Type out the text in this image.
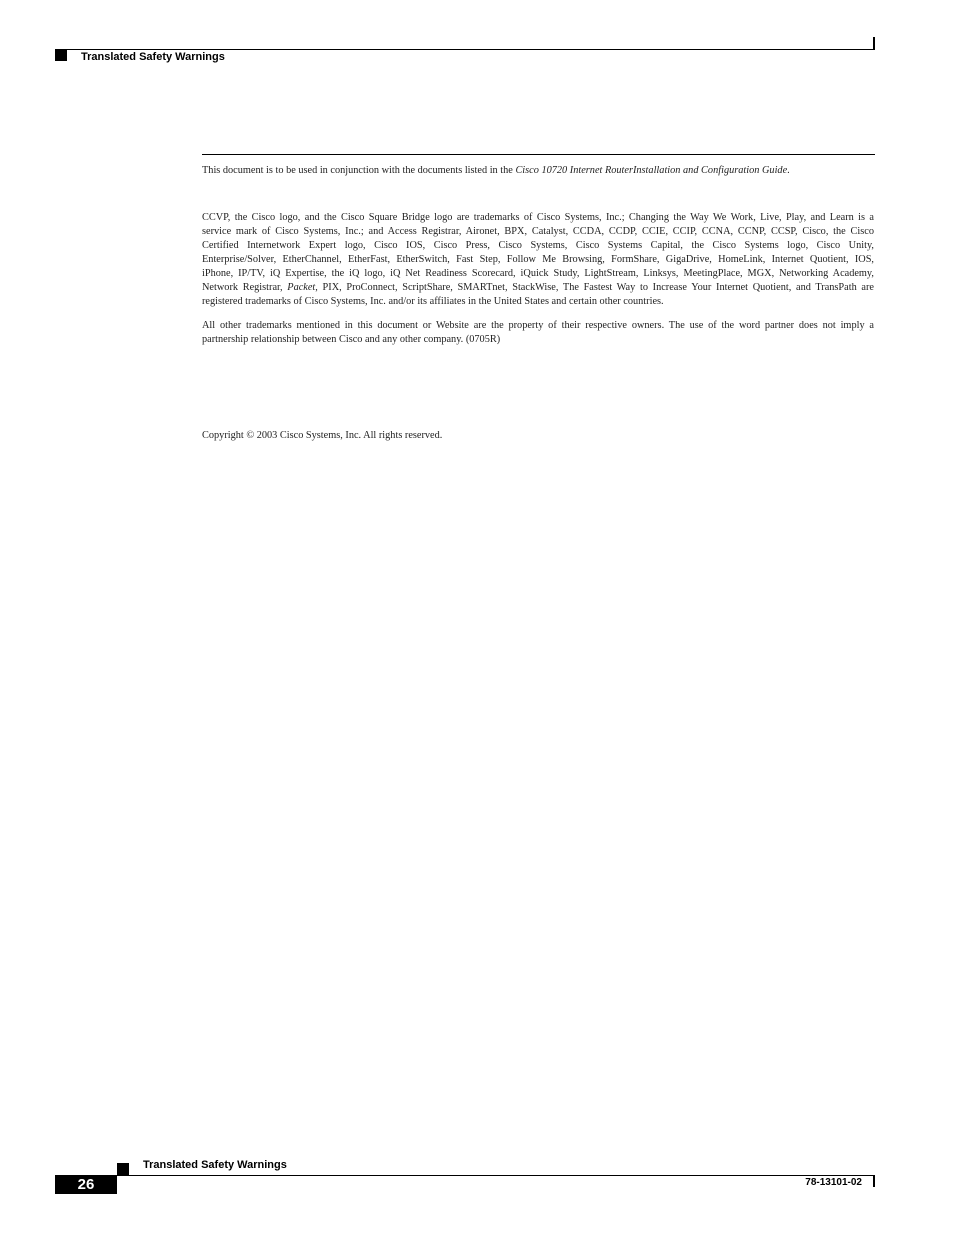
Translated Safety Warnings
This document is to be used in conjunction with the documents listed in the Cisco 10720 Internet RouterInstallation and Configuration Guide.

CCVP, the Cisco logo, and the Cisco Square Bridge logo are trademarks of Cisco Systems, Inc.; Changing the Way We Work, Live, Play, and Learn is a
service mark of Cisco Systems, Inc.; and Access Registrar, Aironet, BPX, Catalyst, CCDA, CCDP, CCIE, CCIP, CCNA, CCNP, CCSP, Cisco, the Cisco
Certified Internetwork Expert logo, Cisco IOS, Cisco Press, Cisco Systems, Cisco Systems Capital, the Cisco Systems logo, Cisco Unity,
Enterprise/Solver, EtherChannel, EtherFast, EtherSwitch, Fast Step, Follow Me Browsing, FormShare, GigaDrive, HomeLink, Internet Quotient, IOS,
iPhone, IP/TV, iQ Expertise, the iQ logo, iQ Net Readiness Scorecard, iQuick Study, LightStream, Linksys, MeetingPlace, MGX, Networking Academy,
Network Registrar, Packet, PIX, ProConnect, ScriptShare, SMARTnet, StackWise, The Fastest Way to Increase Your Internet Quotient, and TransPath are
registered trademarks of Cisco Systems, Inc. and/or its affiliates in the United States and certain other countries.

All other trademarks mentioned in this document or Website are the property of their respective owners. The use of the word partner does not imply a
partnership relationship between Cisco and any other company. (0705R)

Copyright © 2003 Cisco Systems, Inc. All rights reserved.
Translated Safety Warnings
26	78-13101-02
